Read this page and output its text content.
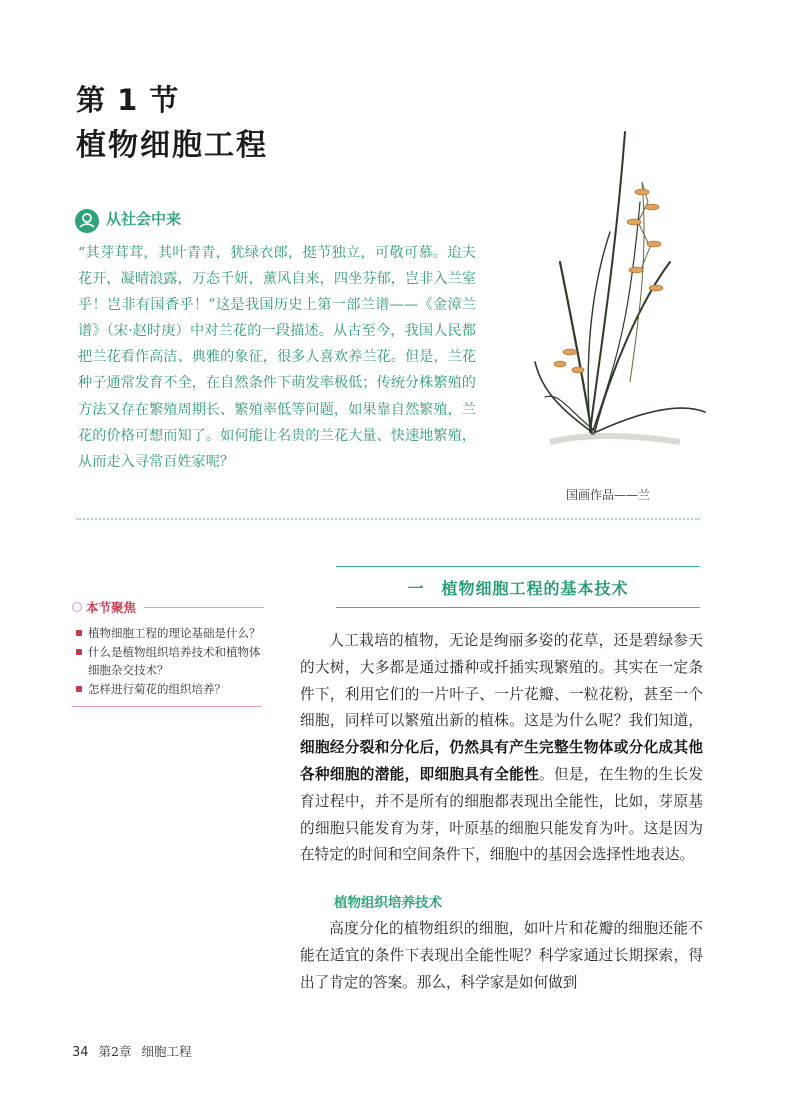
第 1 节
植物细胞工程
从社会中来

“其芽茸茸，其叶青青，犹绿衣郎，挺节独立，可敬可慕。迨夫花开，凝晴浪露，万态千妍，薰风自来，四坐芬郁，岂非入兰室乎！岂非有国香乎！”这是我国历史上第一部兰谱——《金漳兰谱》（宋·赵时庚）中对兰花的一段描述。从古至今，我国人民都把兰花看作高洁、典雅的象征，很多人喜欢养兰花。但是，兰花种子通常发育不全，在自然条件下萌发率极低；传统分株繁殖的方法又存在繁殖周期长、繁殖率低等问题，如果靠自然繁殖，兰花的价格可想而知了。如何能让名贵的兰花大量、快速地繁殖，从而走入寻常百姓家呢？

国画作品——兰
本节聚焦
植物细胞工程的理论基础是什么？
什么是植物组织培养技术和植物体细胞杂交技术？
怎样进行菊花的组织培养？
一　植物细胞工程的基本技术

人工栽培的植物，无论是绚丽多姿的花草，还是碧绿参天的大树，大多都是通过播种或扦插实现繁殖的。其实在一定条件下，利用它们的一片叶子、一片花瓣、一粒花粉，甚至一个细胞，同样可以繁殖出新的植株。这是为什么呢？我们知道，细胞经分裂和分化后，仍然具有产生完整生物体或分化成其他各种细胞的潜能，即细胞具有全能性。但是，在生物的生长发育过程中，并不是所有的细胞都表现出全能性，比如，芽原基的细胞只能发育为芽，叶原基的细胞只能发育为叶。这是因为在特定的时间和空间条件下，细胞中的基因会选择性地表达。

植物组织培养技术

高度分化的植物组织的细胞，如叶片和花瓣的细胞还能不能在适宜的条件下表现出全能性呢？科学家通过长期探索，得出了肯定的答案。那么，科学家是如何做到

34 第2章 细胞工程
